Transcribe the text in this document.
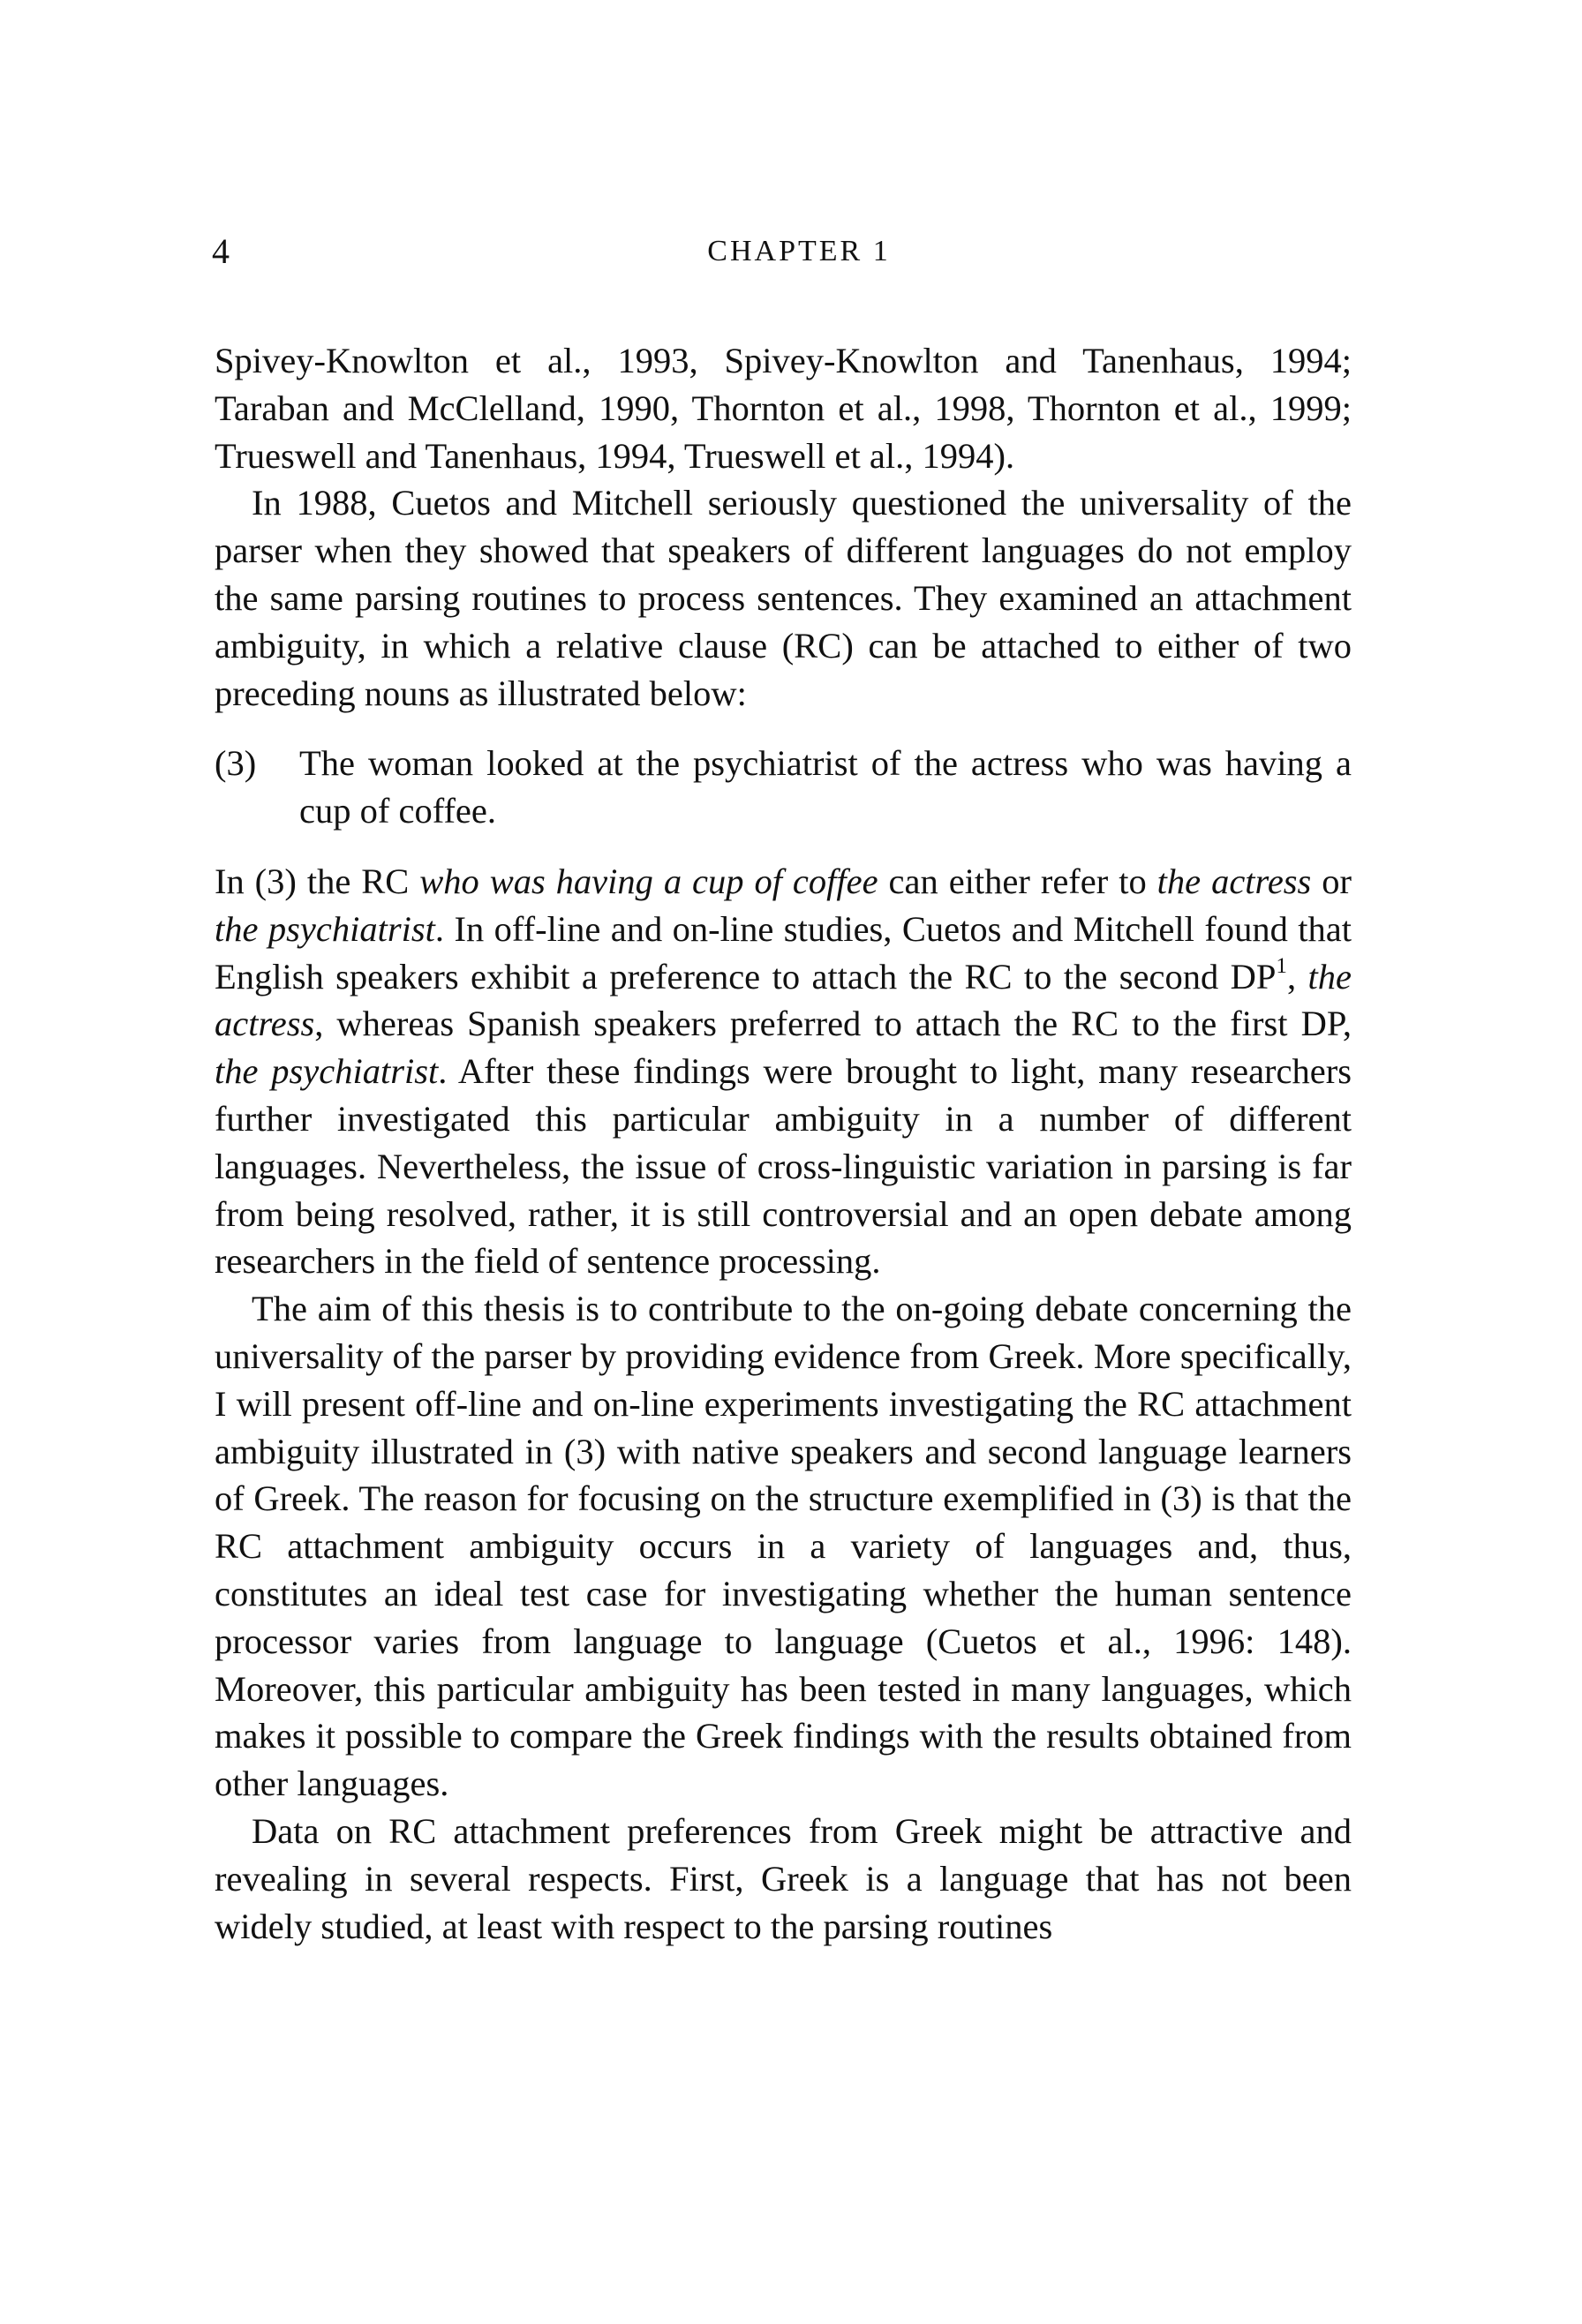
4	CHAPTER 1

Spivey-Knowlton et al., 1993, Spivey-Knowlton and Tanenhaus, 1994; Taraban and McClelland, 1990, Thornton et al., 1998, Thornton et al., 1999; Trueswell and Tanenhaus, 1994, Trueswell et al., 1994).

In 1988, Cuetos and Mitchell seriously questioned the universality of the parser when they showed that speakers of different languages do not employ the same parsing routines to process sentences. They examined an attachment ambiguity, in which a relative clause (RC) can be attached to either of two preceding nouns as illustrated below:

(3)	The woman looked at the psychiatrist of the actress who was having a cup of coffee.

In (3) the RC who was having a cup of coffee can either refer to the actress or the psychiatrist. In off-line and on-line studies, Cuetos and Mitchell found that English speakers exhibit a preference to attach the RC to the second $DP^1$, the actress, whereas Spanish speakers preferred to attach the RC to the first DP, the psychiatrist. After these findings were brought to light, many researchers further investigated this particular ambiguity in a number of different languages. Nevertheless, the issue of cross-linguistic variation in parsing is far from being resolved, rather, it is still controversial and an open debate among researchers in the field of sentence processing.

The aim of this thesis is to contribute to the on-going debate concerning the universality of the parser by providing evidence from Greek. More specifically, I will present off-line and on-line experiments investigating the RC attachment ambiguity illustrated in (3) with native speakers and second language learners of Greek. The reason for focusing on the structure exemplified in (3) is that the RC attachment ambiguity occurs in a variety of languages and, thus, constitutes an ideal test case for investigating whether the human sentence processor varies from language to language (Cuetos et al., 1996: 148). Moreover, this particular ambiguity has been tested in many languages, which makes it possible to compare the Greek findings with the results obtained from other languages.

Data on RC attachment preferences from Greek might be attractive and revealing in several respects. First, Greek is a language that has not been widely studied, at least with respect to the parsing routines
